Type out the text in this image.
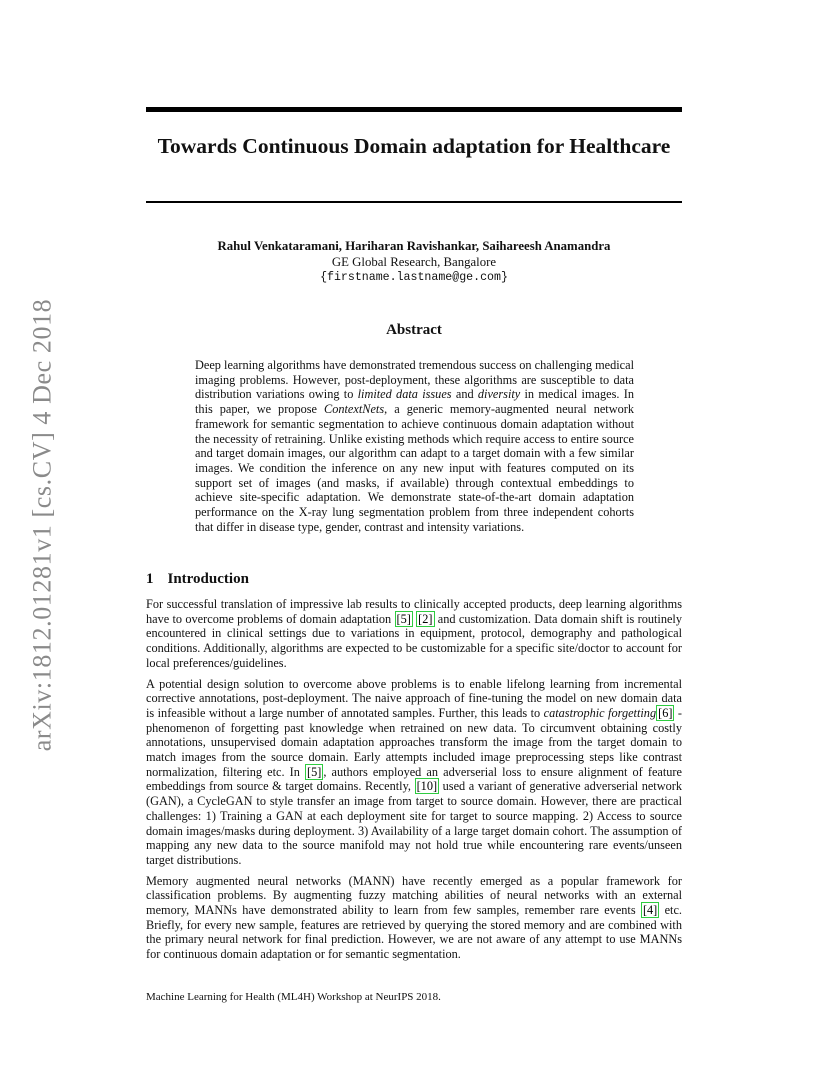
arXiv:1812.01281v1 [cs.CV] 4 Dec 2018
Towards Continuous Domain adaptation for Healthcare
Rahul Venkataramani, Hariharan Ravishankar, Saihareesh Anamandra
GE Global Research, Bangalore
{firstname.lastname@ge.com}
Abstract
Deep learning algorithms have demonstrated tremendous success on challenging medical imaging problems. However, post-deployment, these algorithms are susceptible to data distribution variations owing to limited data issues and diversity in medical images. In this paper, we propose ContextNets, a generic memory-augmented neural network framework for semantic segmentation to achieve continuous domain adaptation without the necessity of retraining. Unlike existing methods which require access to entire source and target domain images, our algorithm can adapt to a target domain with a few similar images. We condition the inference on any new input with features computed on its support set of images (and masks, if available) through contextual embeddings to achieve site-specific adaptation. We demonstrate state-of-the-art domain adaptation performance on the X-ray lung segmentation problem from three independent cohorts that differ in disease type, gender, contrast and intensity variations.
1 Introduction

For successful translation of impressive lab results to clinically accepted products, deep learning algorithms have to overcome problems of domain adaptation [5] [2] and customization. Data domain shift is routinely encountered in clinical settings due to variations in equipment, protocol, demography and pathological conditions. Additionally, algorithms are expected to be customizable for a specific site/doctor to account for local preferences/guidelines.

A potential design solution to overcome above problems is to enable lifelong learning from incremental corrective annotations, post-deployment. The naive approach of fine-tuning the model on new domain data is infeasible without a large number of annotated samples. Further, this leads to catastrophic forgetting [6] - phenomenon of forgetting past knowledge when retrained on new data. To circumvent obtaining costly annotations, unsupervised domain adaptation approaches transform the image from the target domain to match images from the source domain. Early attempts included image preprocessing steps like contrast normalization, filtering etc. In [5] , authors employed an adverserial loss to ensure alignment of feature embeddings from source & target domains. Recently, [10] used a variant of generative adverserial network (GAN), a CycleGAN to style transfer an image from target to source domain. However, there are practical challenges: 1) Training a GAN at each deployment site for target to source mapping. 2) Access to source domain images/masks during deployment. 3) Availability of a large target domain cohort. The assumption of mapping any new data to the source manifold may not hold true while encountering rare events/unseen target distributions.

Memory augmented neural networks (MANN) have recently emerged as a popular framework for classification problems. By augmenting fuzzy matching abilities of neural networks with an external memory, MANNs have demonstrated ability to learn from few samples, remember rare events [4] etc. Briefly, for every new sample, features are retrieved by querying the stored memory and are combined with the primary neural network for final prediction. However, we are not aware of any attempt to use MANNs for continuous domain adaptation or for semantic segmentation.

Machine Learning for Health (ML4H) Workshop at NeurIPS 2018.
